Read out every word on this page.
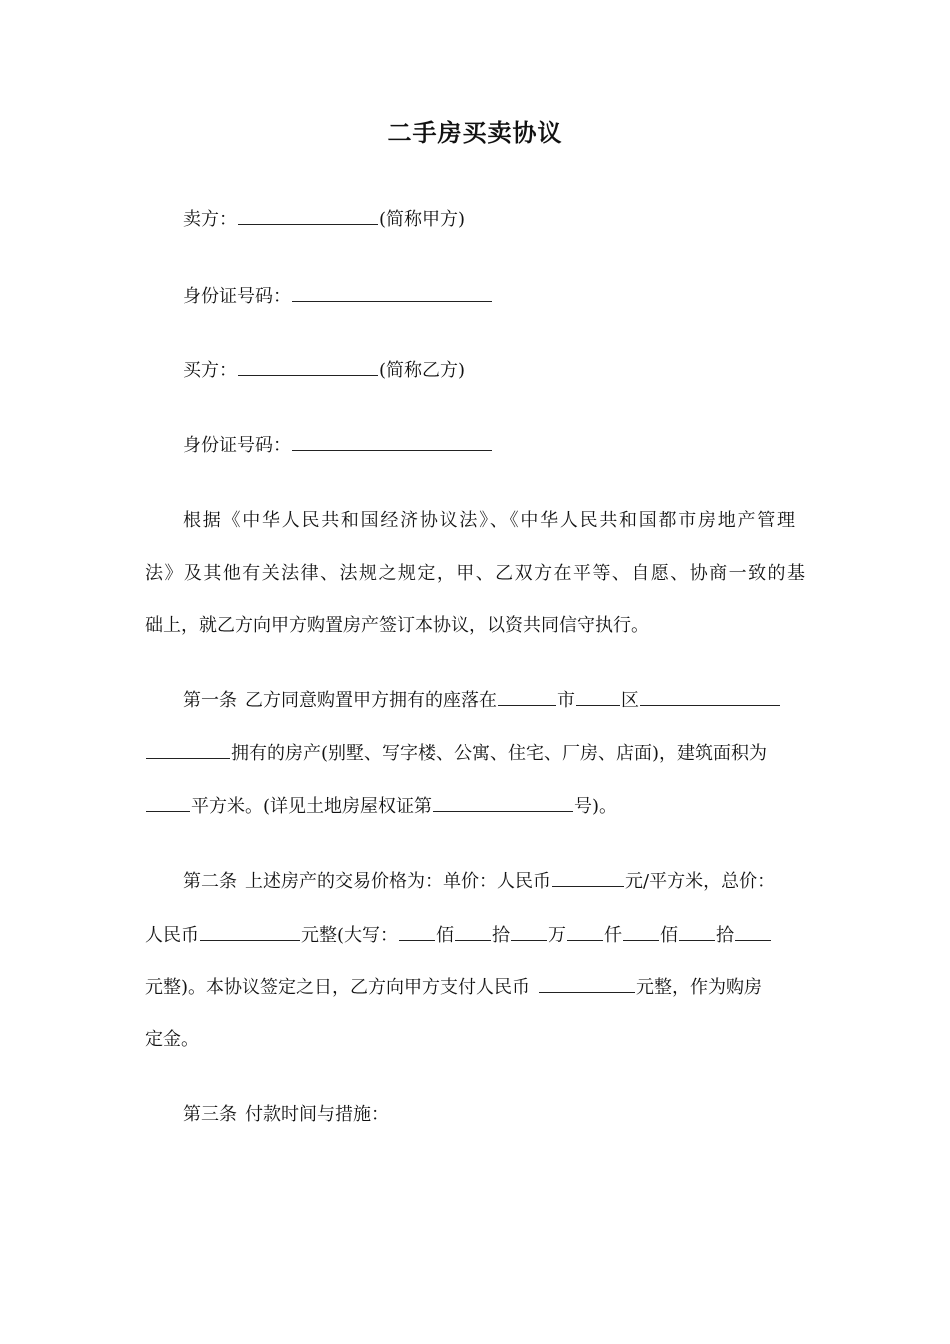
二手房买卖协议
卖方：	(简称甲方)
身份证号码：
买方：	(简称乙方)
身份证号码：
根据《中华人民共和国经济协议法》、《中华人民共和国都市房地产管理
法》及其他有关法律、法规之规定，甲、乙双方在平等、自愿、协商一致的基
础上，就乙方向甲方购置房产签订本协议，以资共同信守执行。
第一条 乙方同意购置甲方拥有的座落在	市	区
拥有的房产(别墅、写字楼、公寓、住宅、厂房、店面)，建筑面积为
平方米。(详见土地房屋权证第	号)。
第二条 上述房产的交易价格为：单价：人民币	元/平方米，总价：
人民币	元整(大写： 佰 拾 万 仟 佰 拾
元整)。本协议签定之日，乙方向甲方支付人民币	元整，作为购房
定金。
第三条 付款时间与措施：
